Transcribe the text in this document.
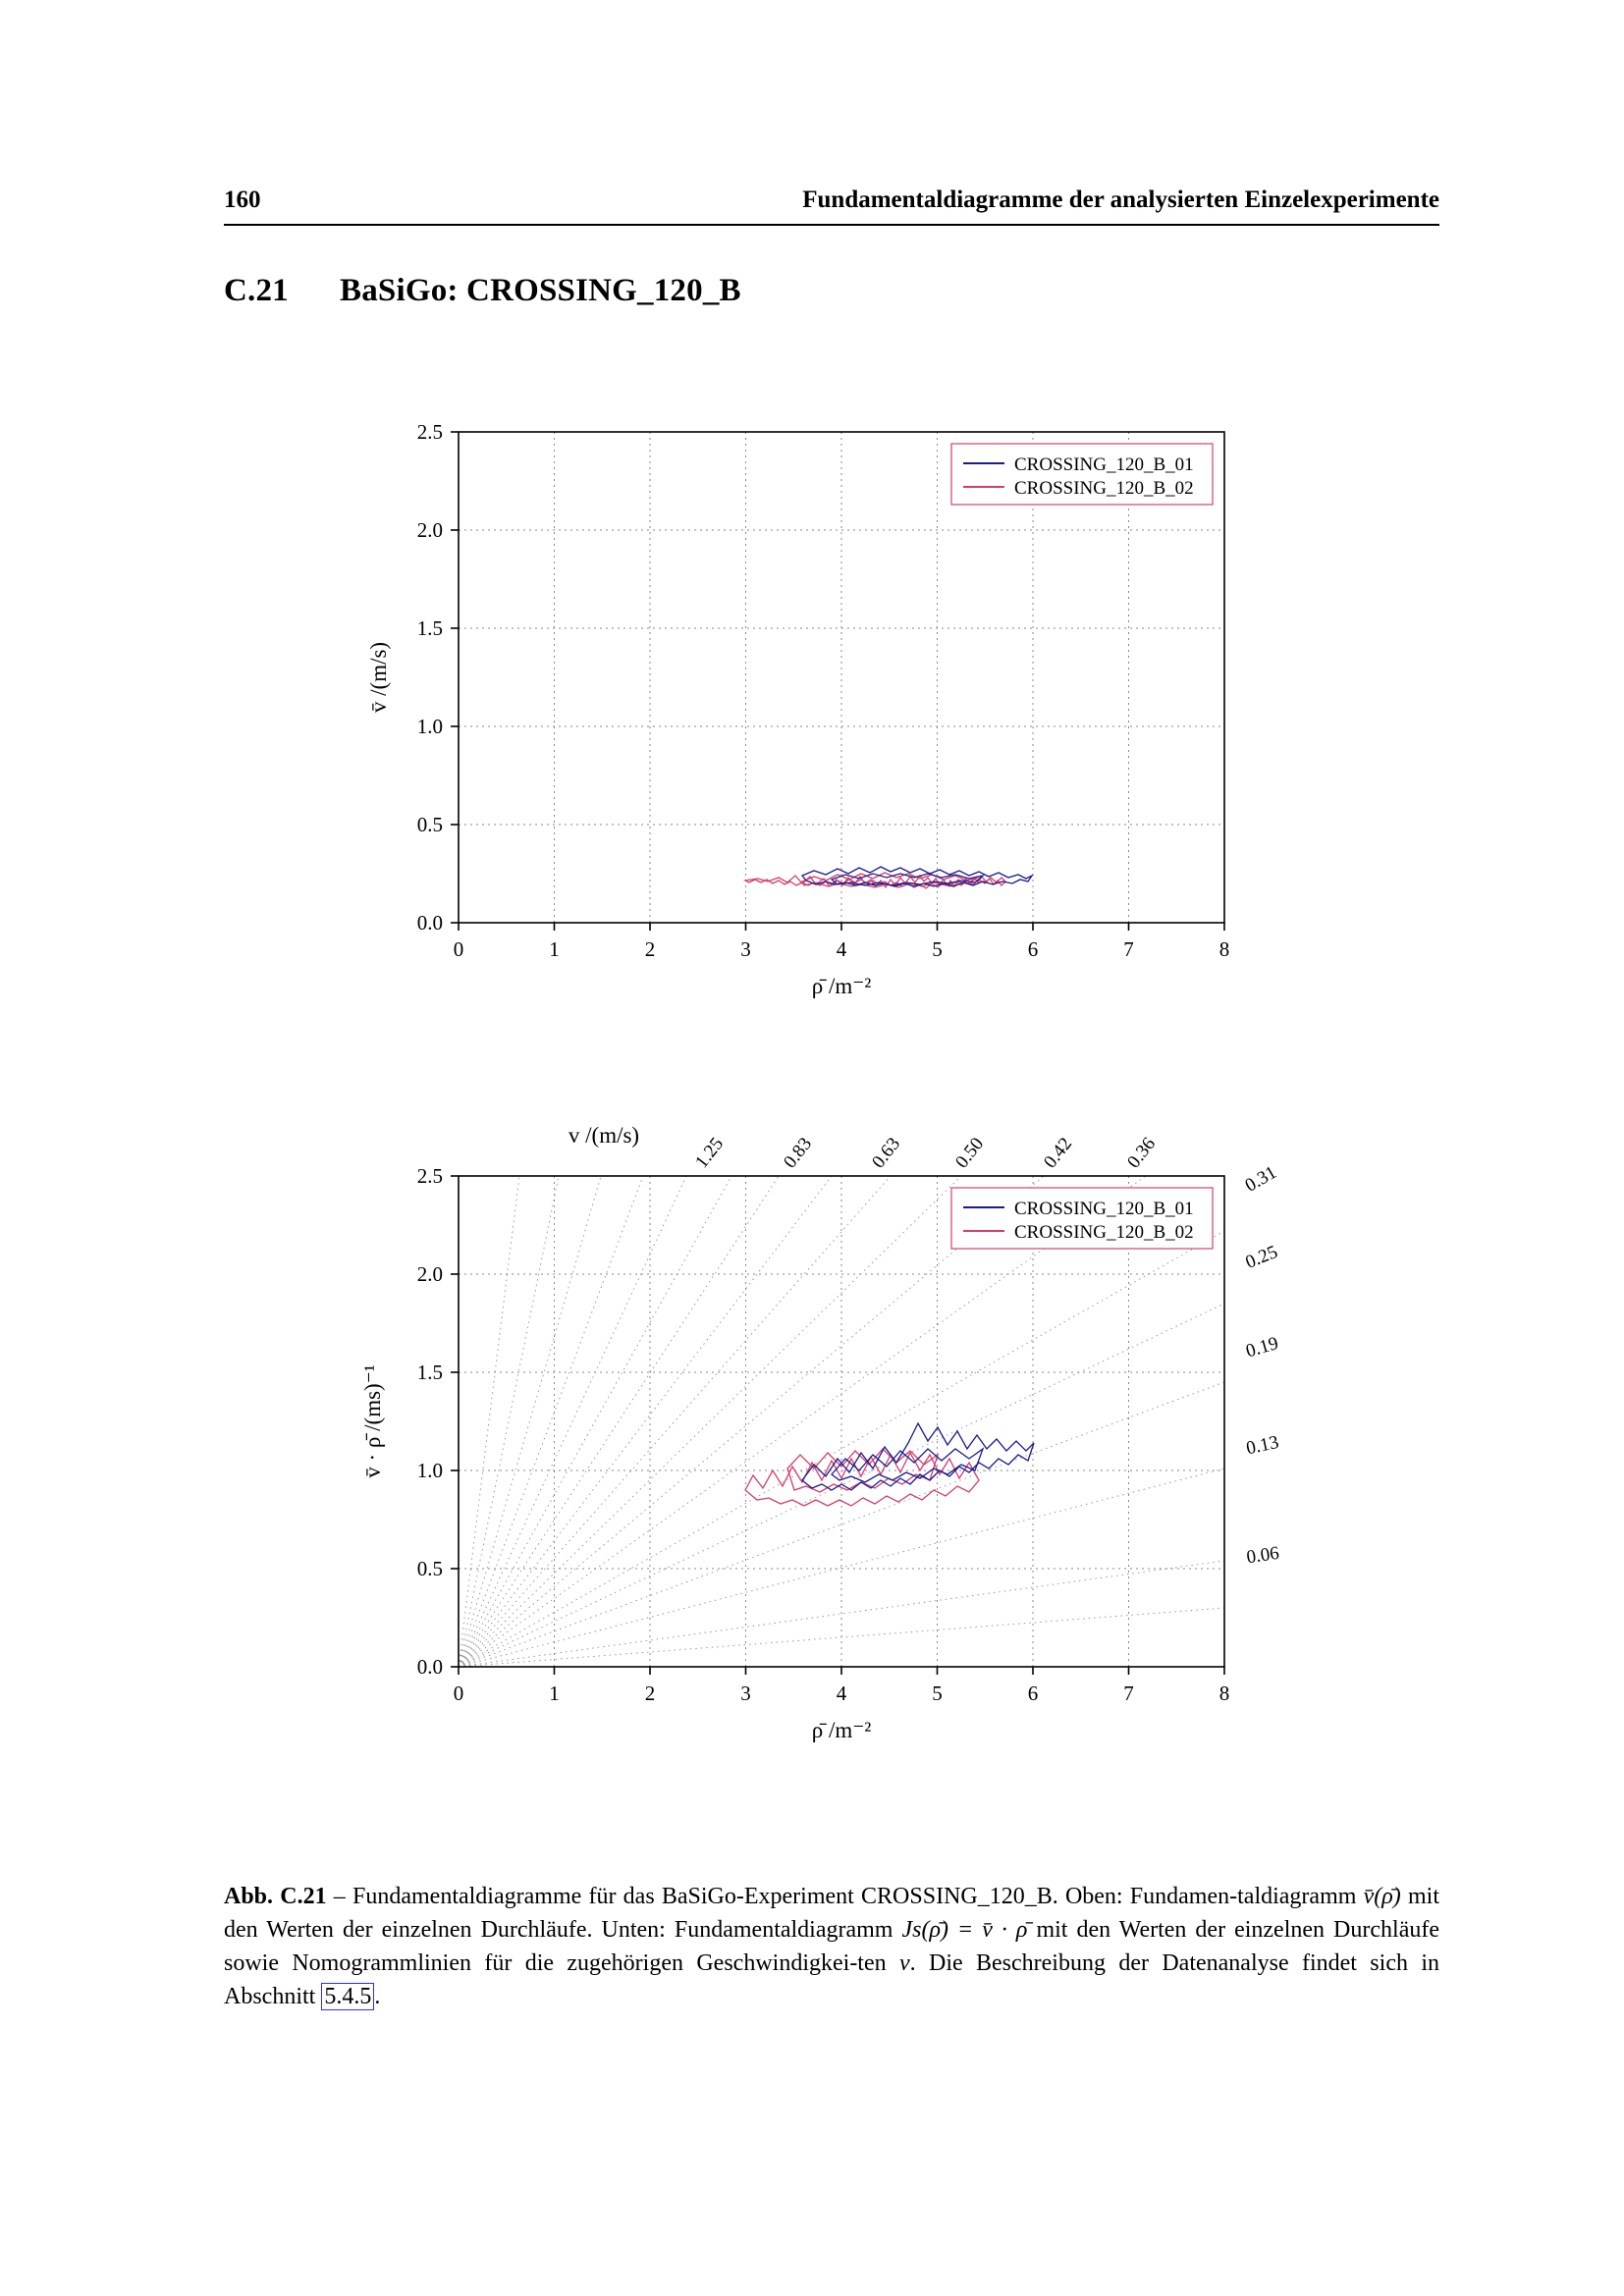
160	Fundamentaldiagramme der analysierten Einzelexperimente
C.21 BaSiGo: CROSSING_120_B
0	1	2	3	4	5	6	7	8
0.0
0.5
1.0
1.5
2.0
2.5
ρ̄ /m⁻²
v̄ /(m/s)
CROSSING_120_B_01
CROSSING_120_B_02
0	1	2	3	4	5	6	7	8
0.0
0.5
1.0
1.5
2.0
2.5
ρ̄ /m⁻²
v̄ · ρ̄ /(ms)⁻¹
v /(m/s)	1.25	0.83	0.63	0.50	0.42	0.36
0.31
0.25
0.19
0.13
0.06
CROSSING_120_B_01
CROSSING_120_B_02
Abb. C.21 – Fundamentaldiagramme für das BaSiGo-Experiment CROSSING_120_B. Oben: Fundamen-taldiagramm v̄(ρ̄) mit den Werten der einzelnen Durchläufe. Unten: Fundamentaldiagramm Js(ρ̄) = v̄ · ρ̄ mit den Werten der einzelnen Durchläufe sowie Nomogrammlinien für die zugehörigen Geschwindigkei-ten v. Die Beschreibung der Datenanalyse findet sich in Abschnitt 5.4.5 .
